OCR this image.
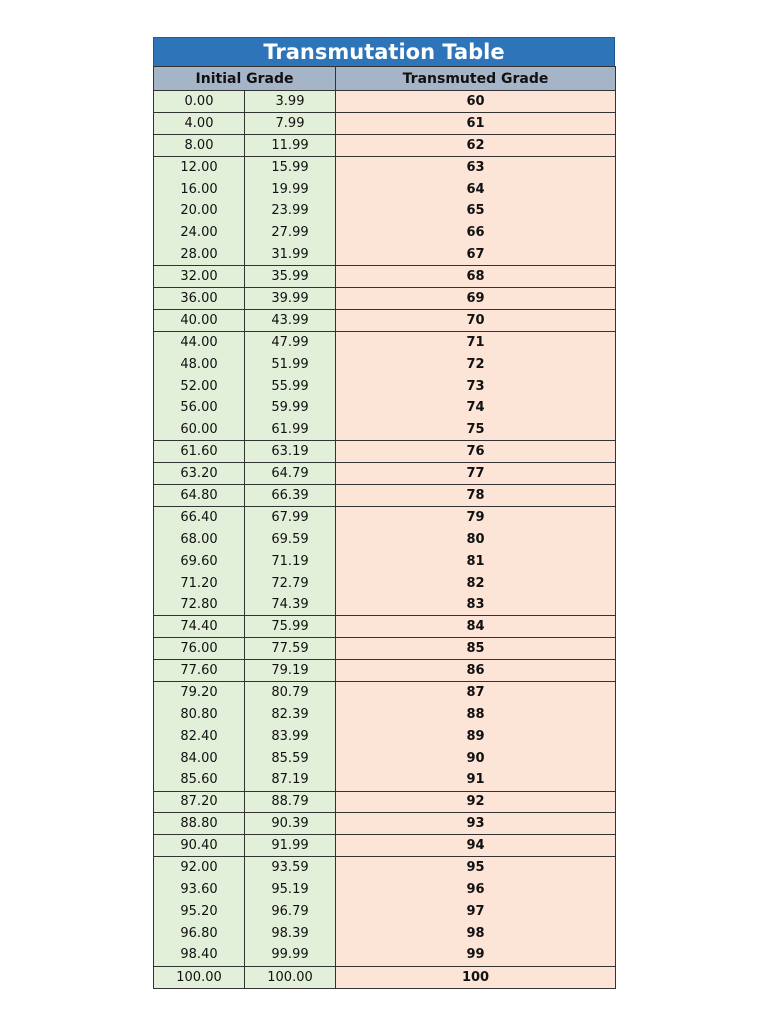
Transmutation Table
Initial Grade		Transmuted Grade
0.00	3.99	60
4.00	7.99	61
8.00	11.99	62
12.00	15.99	63
16.00	19.99	64
20.00	23.99	65
24.00	27.99	66
28.00	31.99	67
32.00	35.99	68
36.00	39.99	69
40.00	43.99	70
44.00	47.99	71
48.00	51.99	72
52.00	55.99	73
56.00	59.99	74
60.00	61.99	75
61.60	63.19	76
63.20	64.79	77
64.80	66.39	78
66.40	67.99	79
68.00	69.59	80
69.60	71.19	81
71.20	72.79	82
72.80	74.39	83
74.40	75.99	84
76.00	77.59	85
77.60	79.19	86
79.20	80.79	87
80.80	82.39	88
82.40	83.99	89
84.00	85.59	90
85.60	87.19	91
87.20	88.79	92
88.80	90.39	93
90.40	91.99	94
92.00	93.59	95
93.60	95.19	96
95.20	96.79	97
96.80	98.39	98
98.40	99.99	99
100.00	100.00	100
